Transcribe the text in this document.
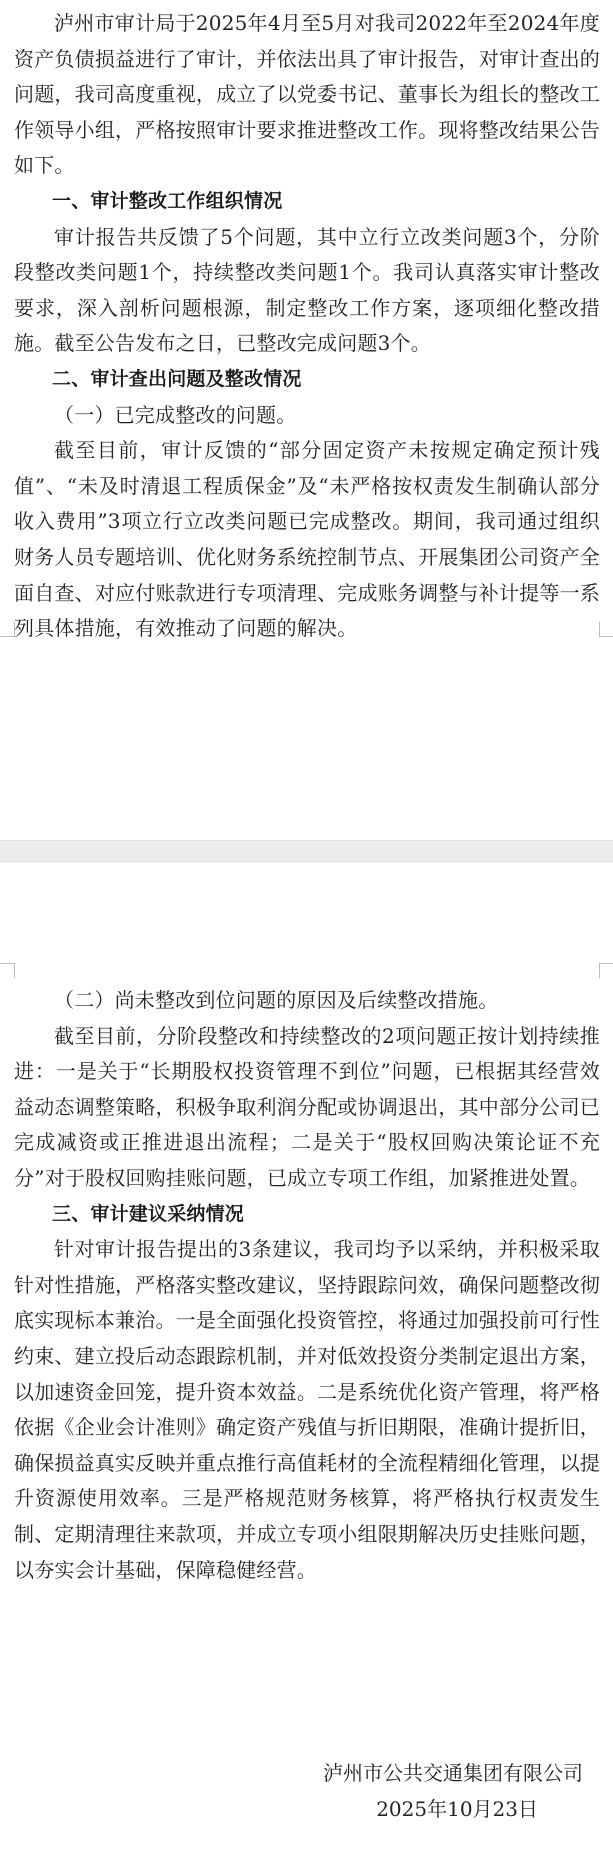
泸州市审计局于2025年4月至5月对我司2022年至2024年度资产负债损益进行了审计，并依法出具了审计报告，对审计查出的问题，我司高度重视，成立了以党委书记、董事长为组长的整改工作领导小组，严格按照审计要求推进整改工作。现将整改结果公告如下。

一、审计整改工作组织情况

审计报告共反馈了5个问题，其中立行立改类问题3个，分阶段整改类问题1个，持续整改类问题1个。我司认真落实审计整改要求，深入剖析问题根源，制定整改工作方案，逐项细化整改措施。截至公告发布之日，已整改完成问题3个。

二、审计查出问题及整改情况

（一）已完成整改的问题。

截至目前，审计反馈的“部分固定资产未按规定确定预计残值”、“未及时清退工程质保金”及“未严格按权责发生制确认部分收入费用”3项立行立改类问题已完成整改。期间，我司通过组织财务人员专题培训、优化财务系统控制节点、开展集团公司资产全面自查、对应付账款进行专项清理、完成账务调整与补计提等一系列具体措施，有效推动了问题的解决。

（二）尚未整改到位问题的原因及后续整改措施。

截至目前，分阶段整改和持续整改的2项问题正按计划持续推进：一是关于“长期股权投资管理不到位”问题，已根据其经营效益动态调整策略，积极争取利润分配或协调退出，其中部分公司已完成减资或正推进退出流程；二是关于“股权回购决策论证不充分”对于股权回购挂账问题，已成立专项工作组，加紧推进处置。

三、审计建议采纳情况

针对审计报告提出的3条建议，我司均予以采纳，并积极采取针对性措施，严格落实整改建议，坚持跟踪问效，确保问题整改彻底实现标本兼治。一是全面强化投资管控，将通过加强投前可行性约束、建立投后动态跟踪机制，并对低效投资分类制定退出方案，以加速资金回笼，提升资本效益。二是系统优化资产管理，将严格依据《企业会计准则》确定资产残值与折旧期限，准确计提折旧，确保损益真实反映并重点推行高值耗材的全流程精细化管理，以提升资源使用效率。三是严格规范财务核算，将严格执行权责发生制、定期清理往来款项，并成立专项小组限期解决历史挂账问题，以夯实会计基础，保障稳健经营。

泸州市公共交通集团有限公司
2025年10月23日
